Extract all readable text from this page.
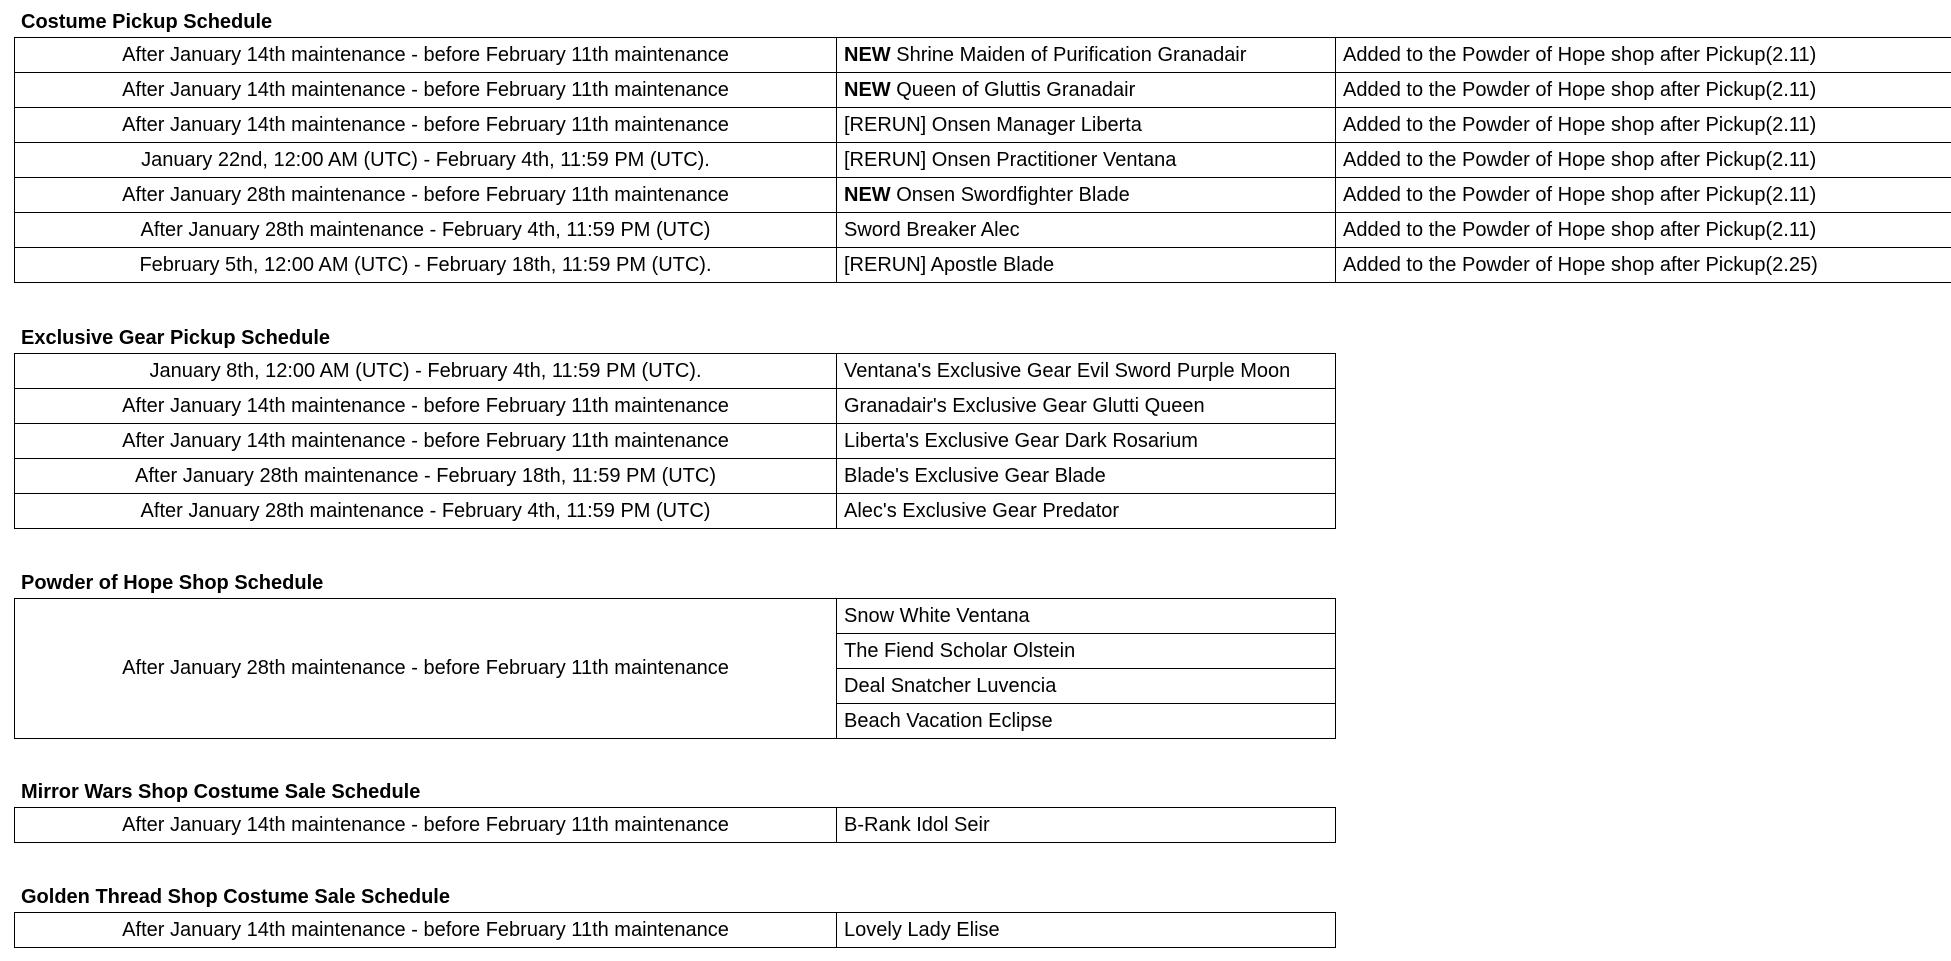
Costume Pickup Schedule
After January 14th maintenance - before February 11th maintenance	NEW Shrine Maiden of Purification Granadair	Added to the Powder of Hope shop after Pickup(2.11)
After January 14th maintenance - before February 11th maintenance	NEW Queen of Gluttis Granadair	Added to the Powder of Hope shop after Pickup(2.11)
After January 14th maintenance - before February 11th maintenance	[RERUN] Onsen Manager Liberta	Added to the Powder of Hope shop after Pickup(2.11)
January 22nd, 12:00 AM (UTC) - February 4th, 11:59 PM (UTC).	[RERUN] Onsen Practitioner Ventana	Added to the Powder of Hope shop after Pickup(2.11)
After January 28th maintenance - before February 11th maintenance	NEW Onsen Swordfighter Blade	Added to the Powder of Hope shop after Pickup(2.11)
After January 28th maintenance - February 4th, 11:59 PM (UTC)	Sword Breaker Alec	Added to the Powder of Hope shop after Pickup(2.11)
February 5th, 12:00 AM (UTC) - February 18th, 11:59 PM (UTC).	[RERUN] Apostle Blade	Added to the Powder of Hope shop after Pickup(2.25)
Exclusive Gear Pickup Schedule
January 8th, 12:00 AM (UTC) - February 4th, 11:59 PM (UTC).	Ventana's Exclusive Gear Evil Sword Purple Moon
After January 14th maintenance - before February 11th maintenance	Granadair's Exclusive Gear Glutti Queen
After January 14th maintenance - before February 11th maintenance	Liberta's Exclusive Gear Dark Rosarium
After January 28th maintenance - February 18th, 11:59 PM (UTC)	Blade's Exclusive Gear Blade
After January 28th maintenance - February 4th, 11:59 PM (UTC)	Alec's Exclusive Gear Predator
Powder of Hope Shop Schedule
After January 28th maintenance - before February 11th maintenance	Snow White Ventana
The Fiend Scholar Olstein
Deal Snatcher Luvencia
Beach Vacation Eclipse
Mirror Wars Shop Costume Sale Schedule
After January 14th maintenance - before February 11th maintenance	B-Rank Idol Seir
Golden Thread Shop Costume Sale Schedule
After January 14th maintenance - before February 11th maintenance	Lovely Lady Elise
